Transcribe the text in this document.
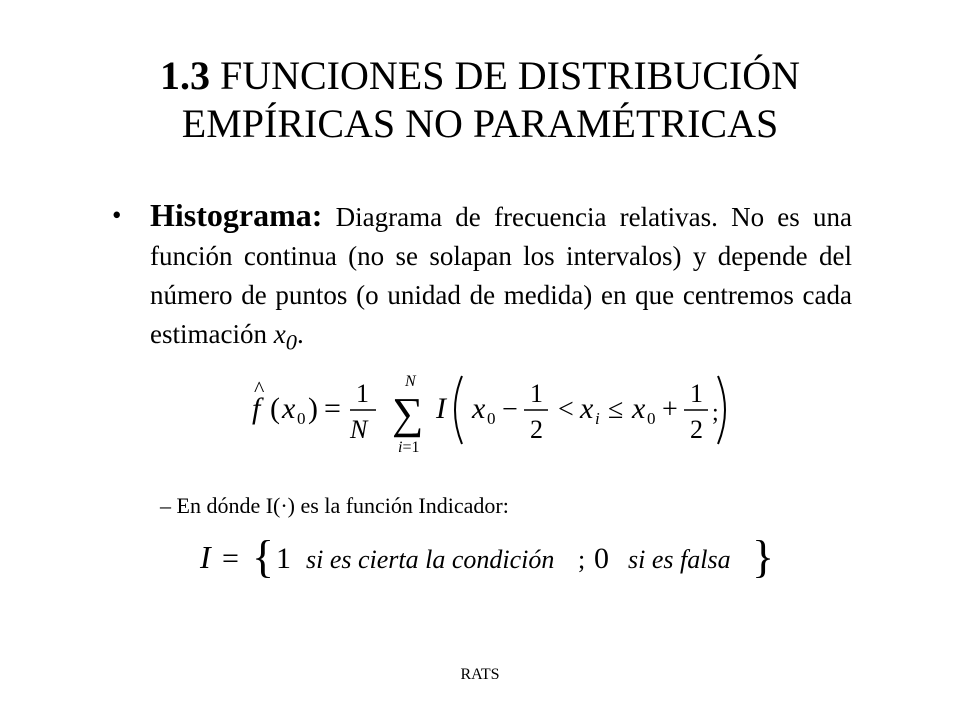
1.3 FUNCIONES DE DISTRIBUCIÓN
EMPÍRICAS NO PARAMÉTRICAS
• Histograma: Diagrama de frecuencia relativas. No es una función continua (no se solapan los intervalos) y depende del número de puntos (o unidad de medida) en que centremos cada estimación $x_0$.
f
^
( x 0 ) = 1
N ∑
N
i=1
I x 0 −
1
2
< x i ≤ x 0 +
1
2
;
– En dónde I(·) es la función Indicador:
I = { 1 si es cierta la condición ; 0 si es falsa }
RATS
